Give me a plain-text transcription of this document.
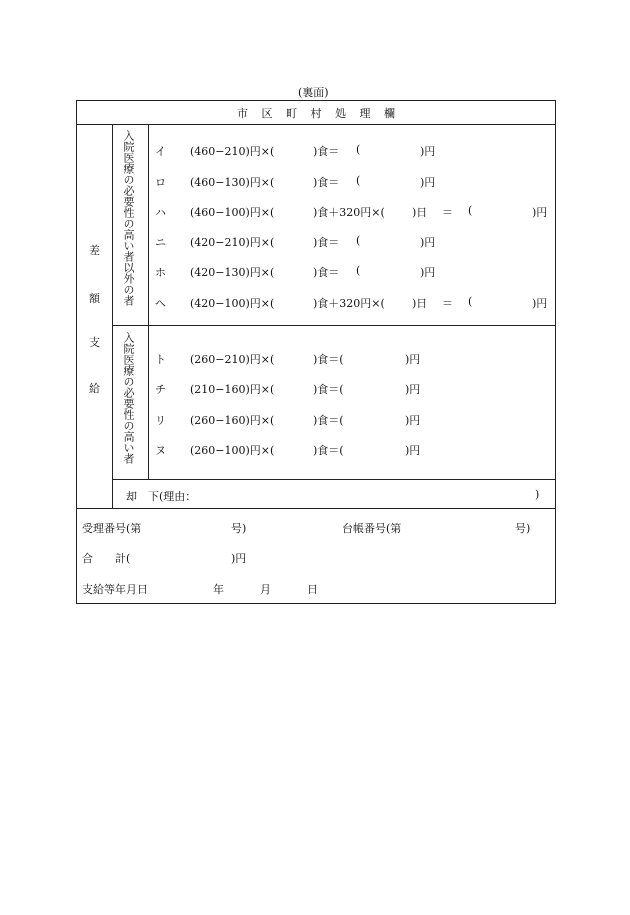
(裏面)
市 区 町 村 処 理 欄
差
額
支
給
入院医療の必要性の高い者以外の者
入院医療の必要性の高い者
イ (460−210)円×(	)食＝ (	)円
ロ (460−130)円×(	)食＝ (	)円
ハ (460−100)円×(	)食＋320円×( )日 ＝ (	)円
ニ (420−210)円×(	)食＝ (	)円
ホ (420−130)円×(	)食＝ (	)円
ヘ (420−100)円×(	)食＋320円×( )日 ＝ (	)円
ト (260−210)円×(	)食＝(	)円
チ (210−160)円×(	)食＝(	)円
リ (260−160)円×(	)食＝(	)円
ヌ (260−100)円×(	)食＝(	)円
却　下(理由：	)
受理番号(第	号)	台帳番号(第	号)
合　　計(	)円
支給等年月日	年	月	日
